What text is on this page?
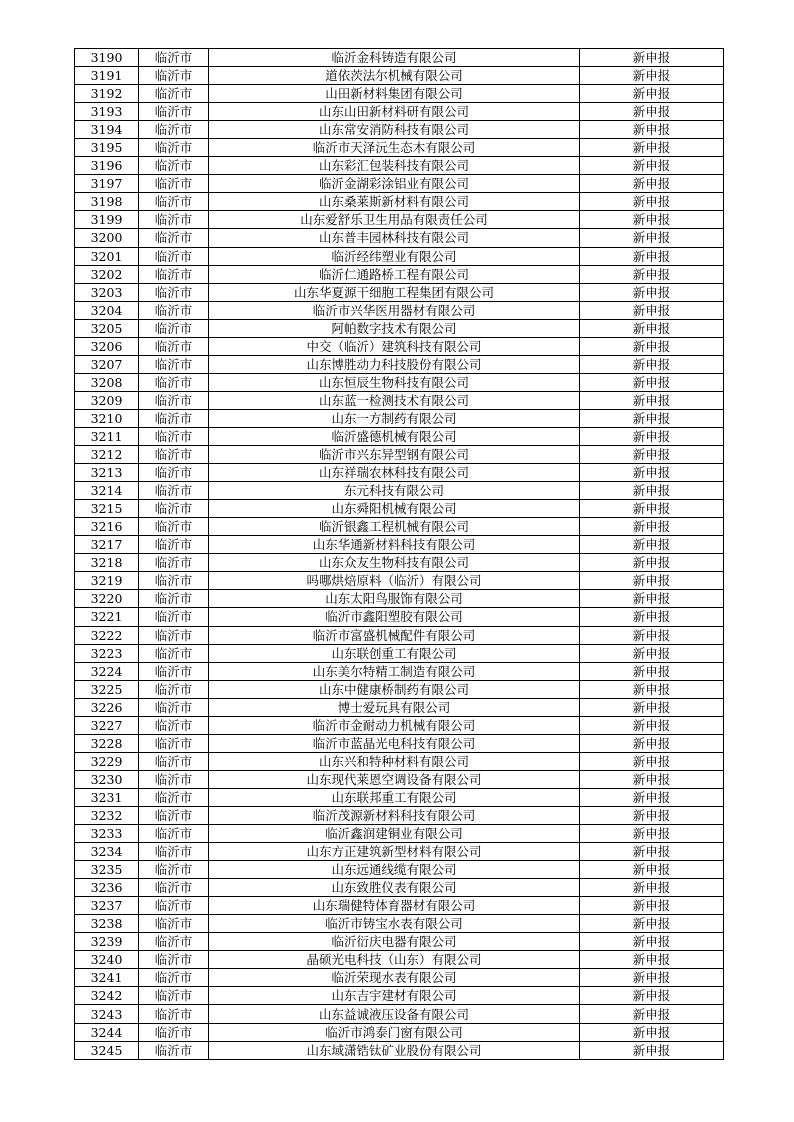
3190	临沂市	临沂金科铸造有限公司	新申报
3191	临沂市	道依茨法尔机械有限公司	新申报
3192	临沂市	山田新材料集团有限公司	新申报
3193	临沂市	山东山田新材料研有限公司	新申报
3194	临沂市	山东常安消防科技有限公司	新申报
3195	临沂市	临沂市天泽沅生态木有限公司	新申报
3196	临沂市	山东彩汇包装科技有限公司	新申报
3197	临沂市	临沂金湖彩涂铝业有限公司	新申报
3198	临沂市	山东桑莱斯新材料有限公司	新申报
3199	临沂市	山东爱舒乐卫生用品有限责任公司	新申报
3200	临沂市	山东普丰园林科技有限公司	新申报
3201	临沂市	临沂经纬塑业有限公司	新申报
3202	临沂市	临沂仁通路桥工程有限公司	新申报
3203	临沂市	山东华夏源干细胞工程集团有限公司	新申报
3204	临沂市	临沂市兴华医用器材有限公司	新申报
3205	临沂市	阿帕数字技术有限公司	新申报
3206	临沂市	中交（临沂）建筑科技有限公司	新申报
3207	临沂市	山东博胜动力科技股份有限公司	新申报
3208	临沂市	山东恒辰生物科技有限公司	新申报
3209	临沂市	山东蓝一检测技术有限公司	新申报
3210	临沂市	山东一方制药有限公司	新申报
3211	临沂市	临沂盛德机械有限公司	新申报
3212	临沂市	临沂市兴东异型钢有限公司	新申报
3213	临沂市	山东祥瑞农林科技有限公司	新申报
3214	临沂市	东元科技有限公司	新申报
3215	临沂市	山东舜阳机械有限公司	新申报
3216	临沂市	临沂银鑫工程机械有限公司	新申报
3217	临沂市	山东华通新材料科技有限公司	新申报
3218	临沂市	山东众友生物科技有限公司	新申报
3219	临沂市	吗哪烘焙原料（临沂）有限公司	新申报
3220	临沂市	山东太阳鸟服饰有限公司	新申报
3221	临沂市	临沂市鑫阳塑胶有限公司	新申报
3222	临沂市	临沂市富盛机械配件有限公司	新申报
3223	临沂市	山东联创重工有限公司	新申报
3224	临沂市	山东美尔特精工制造有限公司	新申报
3225	临沂市	山东中健康桥制药有限公司	新申报
3226	临沂市	博士爱玩具有限公司	新申报
3227	临沂市	临沂市金耐动力机械有限公司	新申报
3228	临沂市	临沂市蓝晶光电科技有限公司	新申报
3229	临沂市	山东兴和特种材料有限公司	新申报
3230	临沂市	山东现代莱恩空调设备有限公司	新申报
3231	临沂市	山东联邦重工有限公司	新申报
3232	临沂市	临沂茂源新材料科技有限公司	新申报
3233	临沂市	临沂鑫润建铜业有限公司	新申报
3234	临沂市	山东方正建筑新型材料有限公司	新申报
3235	临沂市	山东远通线缆有限公司	新申报
3236	临沂市	山东致胜仪表有限公司	新申报
3237	临沂市	山东瑞健特体育器材有限公司	新申报
3238	临沂市	临沂市铸宝水表有限公司	新申报
3239	临沂市	临沂衍庆电器有限公司	新申报
3240	临沂市	晶硕光电科技（山东）有限公司	新申报
3241	临沂市	临沂荣现水表有限公司	新申报
3242	临沂市	山东吉宇建材有限公司	新申报
3243	临沂市	山东益诚液压设备有限公司	新申报
3244	临沂市	临沂市鸿泰门窗有限公司	新申报
3245	临沂市	山东域潇锆钛矿业股份有限公司	新申报
